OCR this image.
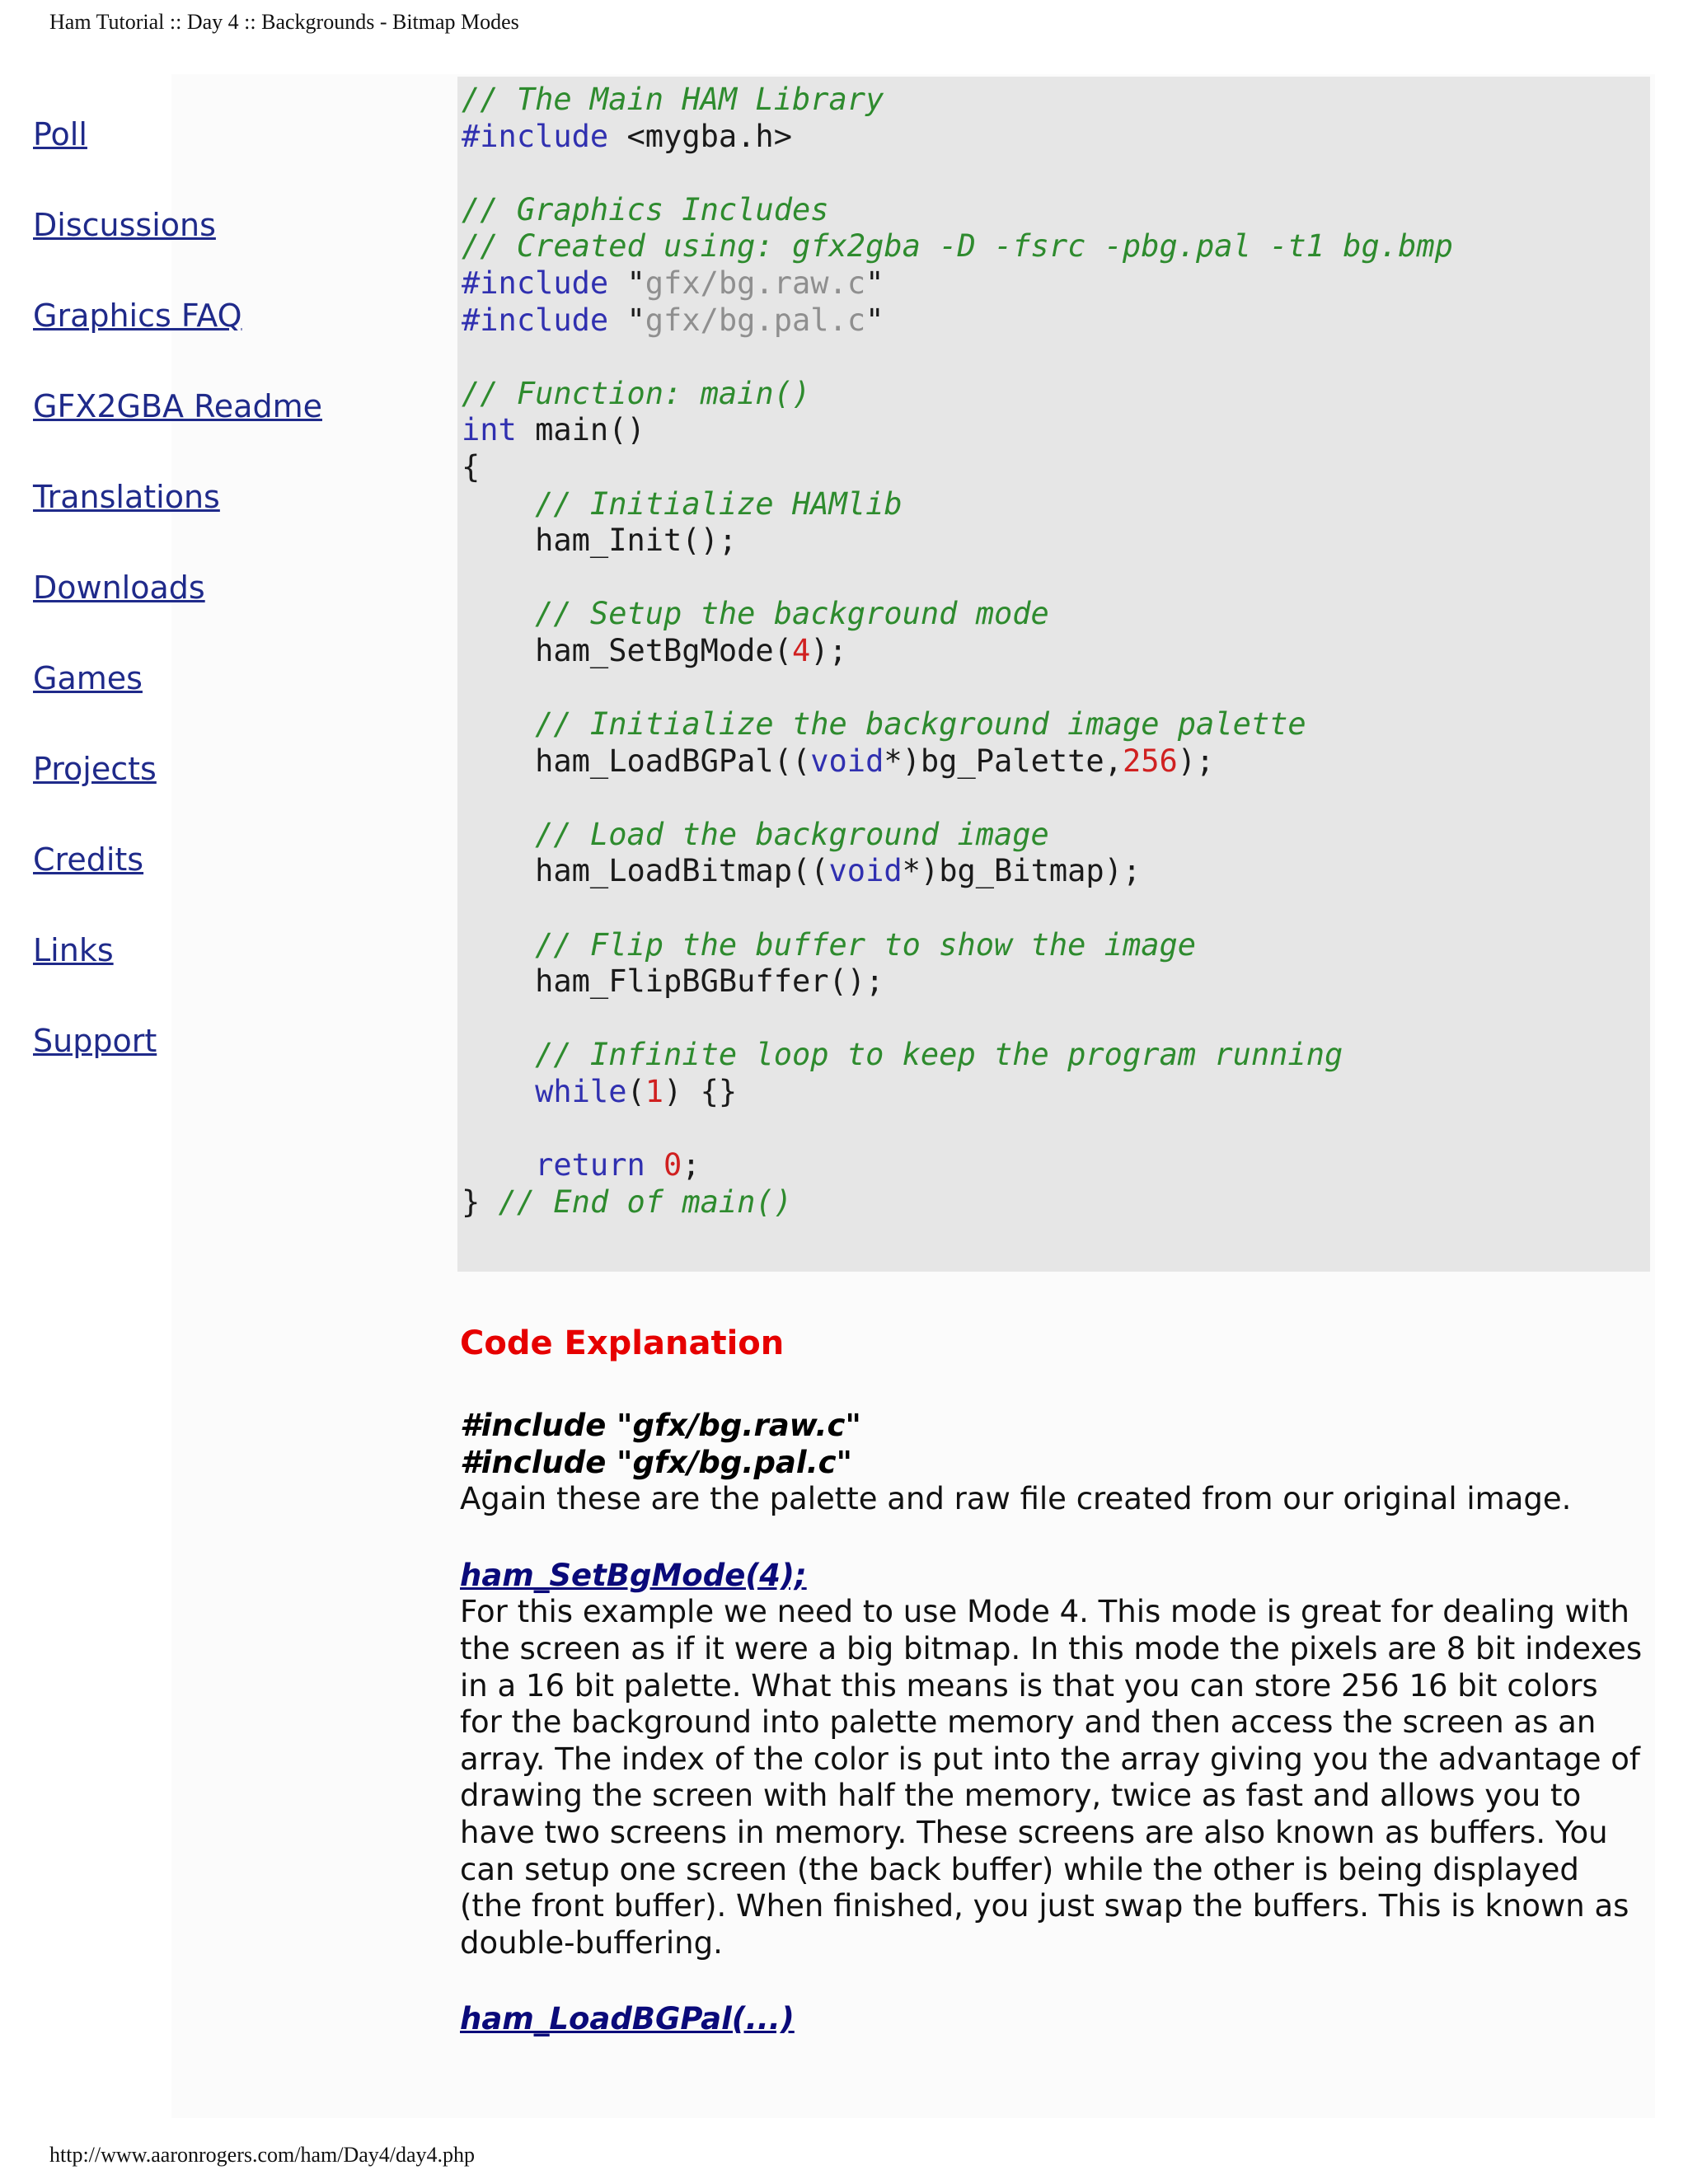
Ham Tutorial :: Day 4 :: Backgrounds - Bitmap Modes
Poll
Discussions
Graphics FAQ
GFX2GBA Readme
Translations
Downloads
Games
Projects
Credits
Links
Support
// The Main HAM Library
#include <mygba.h>

// Graphics Includes
// Created using: gfx2gba -D -fsrc -pbg.pal -t1 bg.bmp
#include "gfx/bg.raw.c"
#include "gfx/bg.pal.c"

// Function: main()
int main()
{
// Initialize HAMlib
ham_Init();

// Setup the background mode
ham_SetBgMode(4);

// Initialize the background image palette
ham_LoadBGPal((void*)bg_Palette,256);

// Load the background image
ham_LoadBitmap((void*)bg_Bitmap);

// Flip the buffer to show the image
ham_FlipBGBuffer();

// Infinite loop to keep the program running
while(1) {}

return 0;
} // End of main()
Code Explanation
#include "gfx/bg.raw.c"
#include "gfx/bg.pal.c"
Again these are the palette and raw file created from our original image.
ham_SetBgMode(4);
For this example we need to use Mode 4. This mode is great for dealing with the screen as if it were a big bitmap. In this mode the pixels are 8 bit indexes in a 16 bit palette. What this means is that you can store 256 16 bit colors for the background into palette memory and then access the screen as an array. The index of the color is put into the array giving you the advantage of drawing the screen with half the memory, twice as fast and allows you to have two screens in memory. These screens are also known as buffers. You can setup one screen (the back buffer) while the other is being displayed (the front buffer). When finished, you just swap the buffers. This is known as double-buffering.
ham_LoadBGPal(...)
http://www.aaronrogers.com/ham/Day4/day4.php
